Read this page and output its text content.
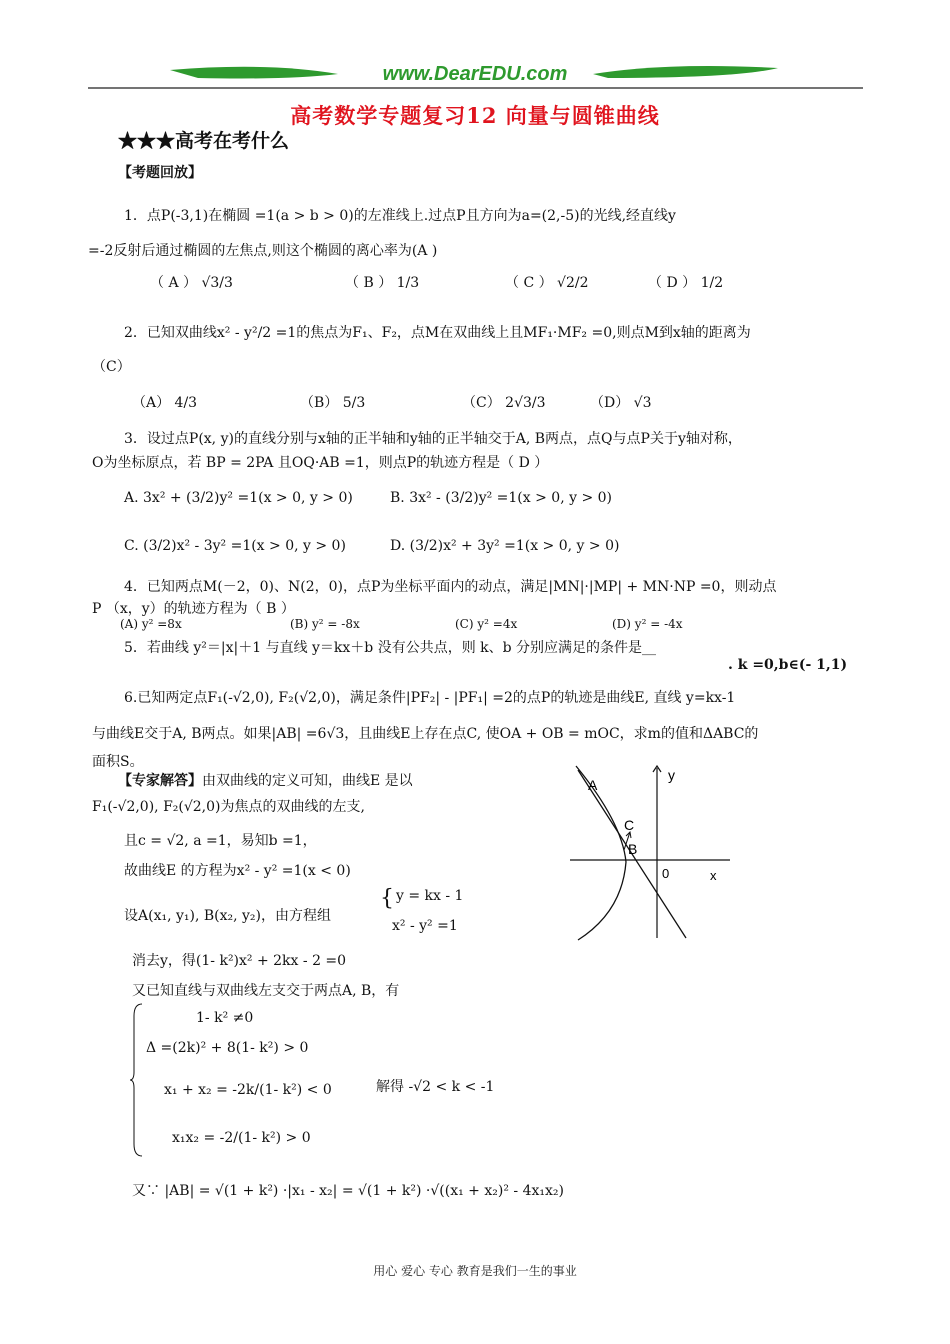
www.DearEDU.com
高考数学专题复习12 向量与圆锥曲线
★★★高考在考什么
【考题回放】
1．点P(-3,1)在椭圆 =1(a > b > 0)的左准线上.过点P且方向为a=(2,-5)的光线,经直线y
=-2反射后通过椭圆的左焦点,则这个椭圆的离心率为(A )
（ A ） √3/3	（ B ） 1/3	（ C ） √2/2	（ D ） 1/2
2．已知双曲线x² - y²/2 =1的焦点为F₁、F₂，点M在双曲线上且MF₁·MF₂ =0,则点M到x轴的距离为
（C）
（A） 4/3	（B） 5/3	（C） 2√3/3	（D） √3
3．设过点P(x, y)的直线分别与x轴的正半轴和y轴的正半轴交于A, B两点，点Q与点P关于y轴对称，
O为坐标原点，若 BP = 2PA 且OQ·AB =1，则点P的轨迹方程是（ D ）
A. 3x² + (3/2)y² =1(x > 0, y > 0)	B. 3x² - (3/2)y² =1(x > 0, y > 0)
C. (3/2)x² - 3y² =1(x > 0, y > 0)	D. (3/2)x² + 3y² =1(x > 0, y > 0)
4．已知两点M(－2，0)、N(2，0)，点P为坐标平面内的动点，满足|MN|·|MP| + MN·NP =0，则动点
P （x，y）的轨迹方程为（ B ）
(A) y² =8x	(B) y² = -8x	(C) y² =4x	(D) y² = -4x
5．若曲线 y²＝|x|＋1 与直线 y＝kx＋b 没有公共点，则 k、b 分别应满足的条件是__
. k =0,b∈(- 1,1)
6.已知两定点F₁(-√2,0), F₂(√2,0)，满足条件|PF₂| - |PF₁| =2的点P的轨迹是曲线E, 直线 y=kx-1
与曲线E交于A, B两点。如果|AB| =6√3，且曲线E上存在点C, 使OA + OB = mOC，求m的值和ΔABC的
面积S。
【专家解答】由双曲线的定义可知，曲线E 是以
F₁(-√2,0), F₂(√2,0)为焦点的双曲线的左支,
且c = √2, a =1，易知b =1，
故曲线E 的方程为x² - y² =1(x < 0)
设A(x₁, y₁), B(x₂, y₂)，由方程组
{ y = kx - 1
x² - y² =1
消去y，得(1- k²)x² + 2kx - 2 =0
又已知直线与双曲线左支交于两点A, B，有
1- k² ≠0
Δ =(2k)² + 8(1- k²) > 0
x₁ + x₂ = -2k/(1- k²) < 0	解得 -√2 < k < -1
x₁x₂ = -2/(1- k²) > 0
又∵ |AB| = √(1 + k²) ·|x₁ - x₂| = √(1 + k²) ·√((x₁ + x₂)² - 4x₁x₂)
A
C
B
0	x
y
用心 爱心 专心 教育是我们一生的事业
